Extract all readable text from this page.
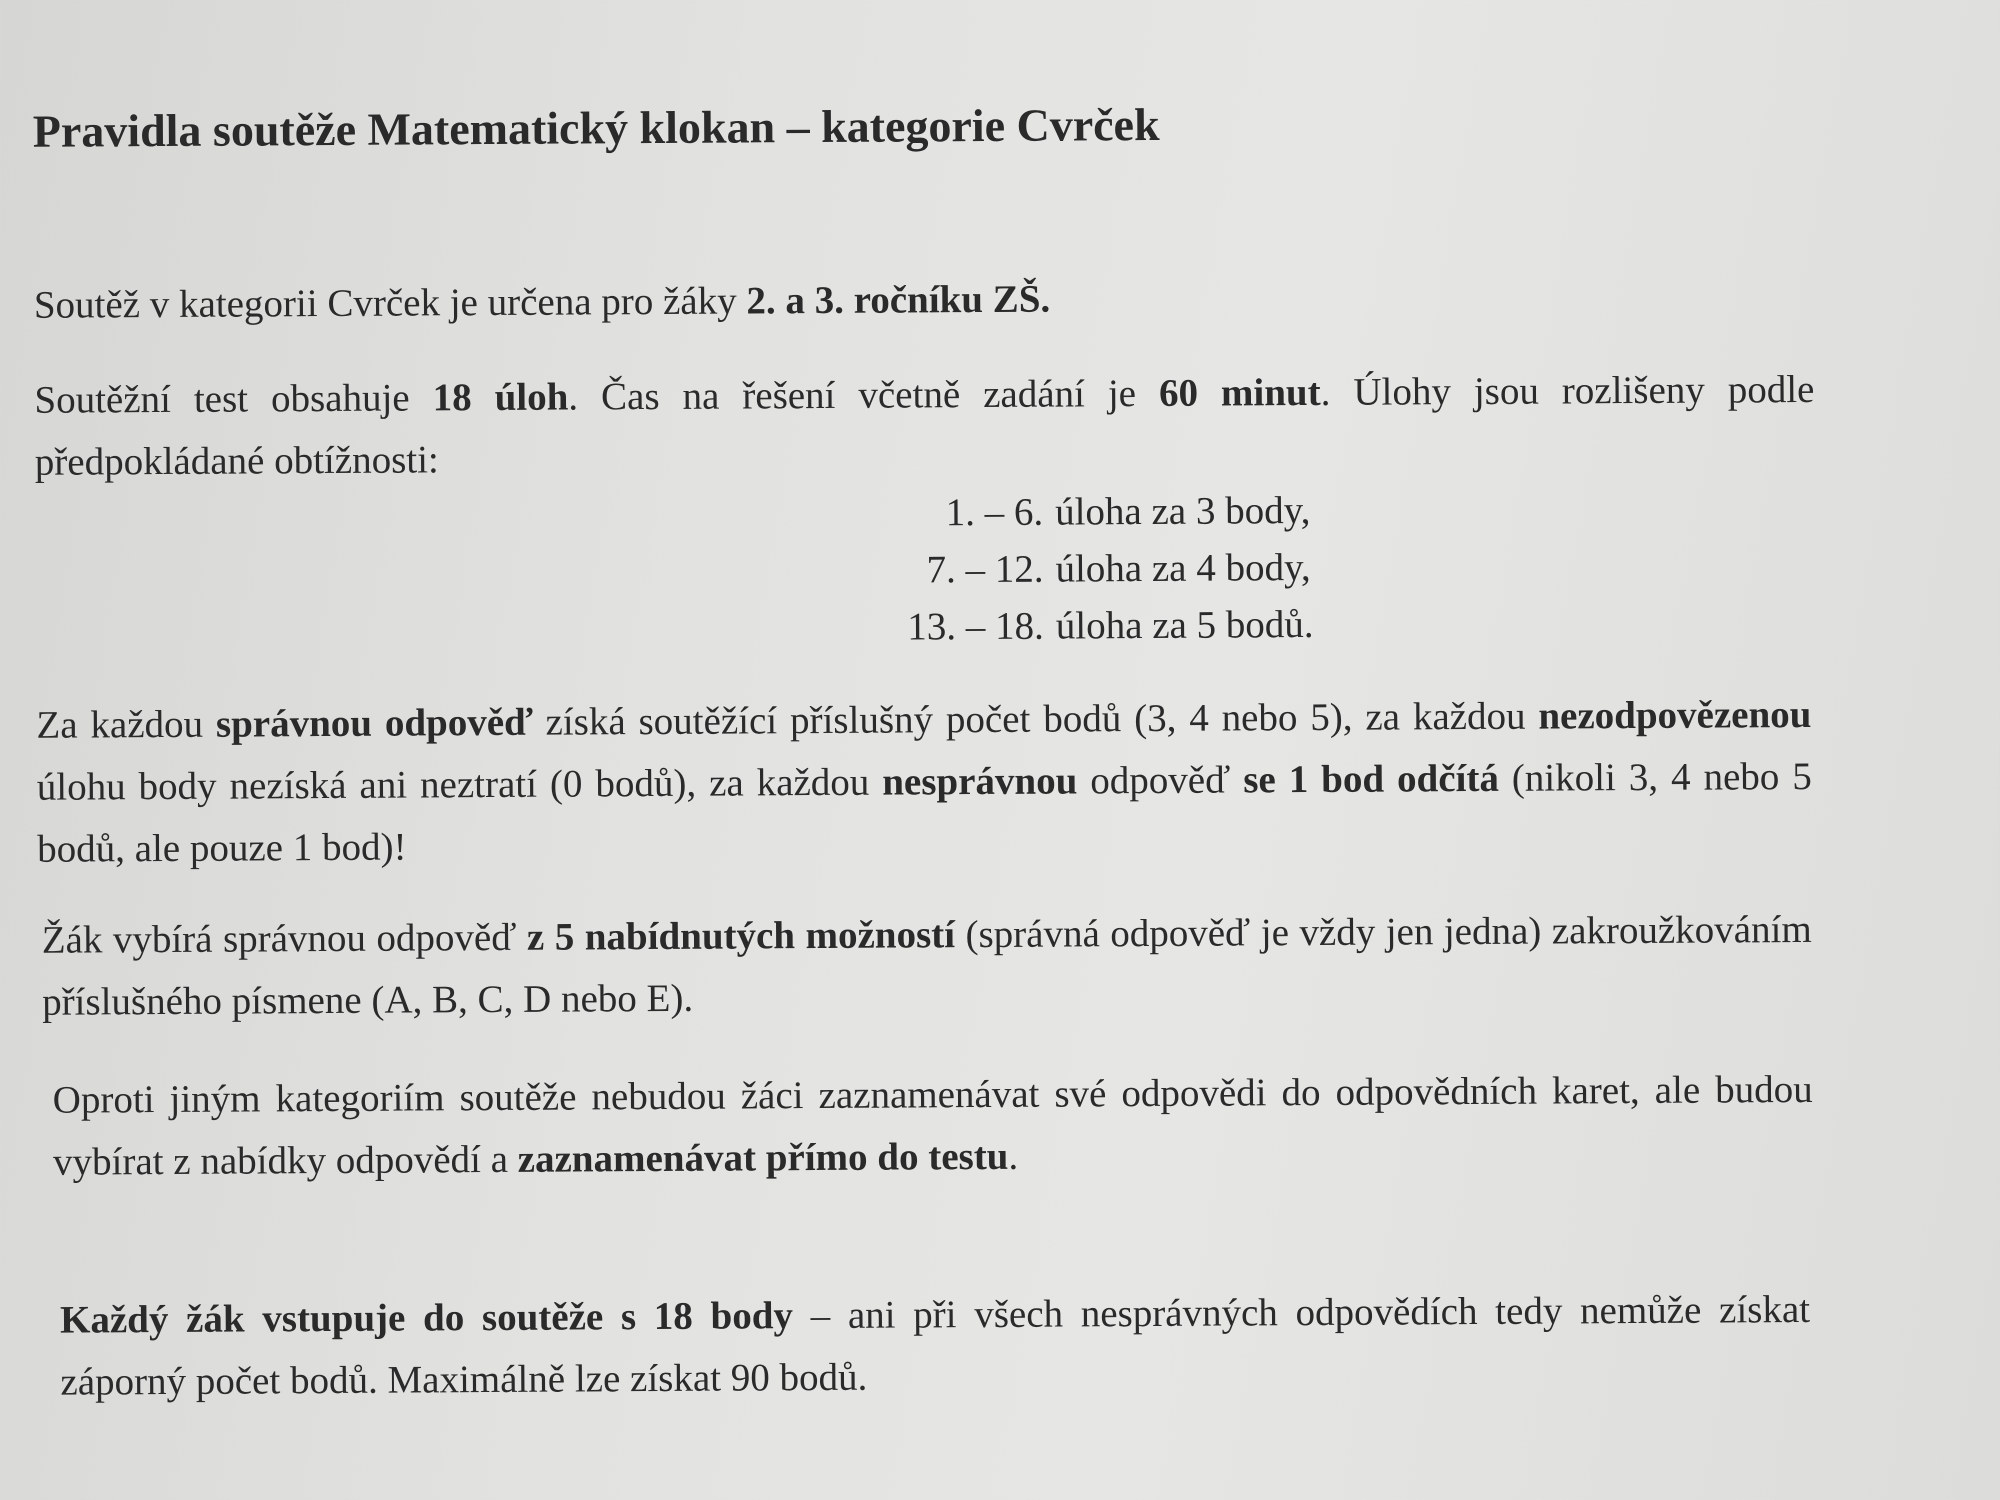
Pravidla soutěže Matematický klokan – kategorie Cvrček

Soutěž v kategorii Cvrček je určena pro žáky 2. a 3. ročníku ZŠ.

Soutěžní test obsahuje 18 úloh. Čas na řešení včetně zadání je 60 minut. Úlohy jsou rozlišeny podle předpokládané obtížnosti:

1. – 6. úloha za 3 body,
7. – 12. úloha za 4 body,
13. – 18. úloha za 5 bodů.

Za každou správnou odpověď získá soutěžící příslušný počet bodů (3, 4 nebo 5), za každou nezodpovězenou úlohu body nezíská ani neztratí (0 bodů), za každou nesprávnou odpověď se 1 bod odčítá (nikoli 3, 4 nebo 5 bodů, ale pouze 1 bod)!

Žák vybírá správnou odpověď z 5 nabídnutých možností (správná odpověď je vždy jen jedna) zakroužkováním příslušného písmene (A, B, C, D nebo E).

Oproti jiným kategoriím soutěže nebudou žáci zaznamenávat své odpovědi do odpovědních karet, ale budou vybírat z nabídky odpovědí a zaznamenávat přímo do testu.

Každý žák vstupuje do soutěže s 18 body – ani při všech nesprávných odpovědích tedy nemůže získat záporný počet bodů. Maximálně lze získat 90 bodů.
